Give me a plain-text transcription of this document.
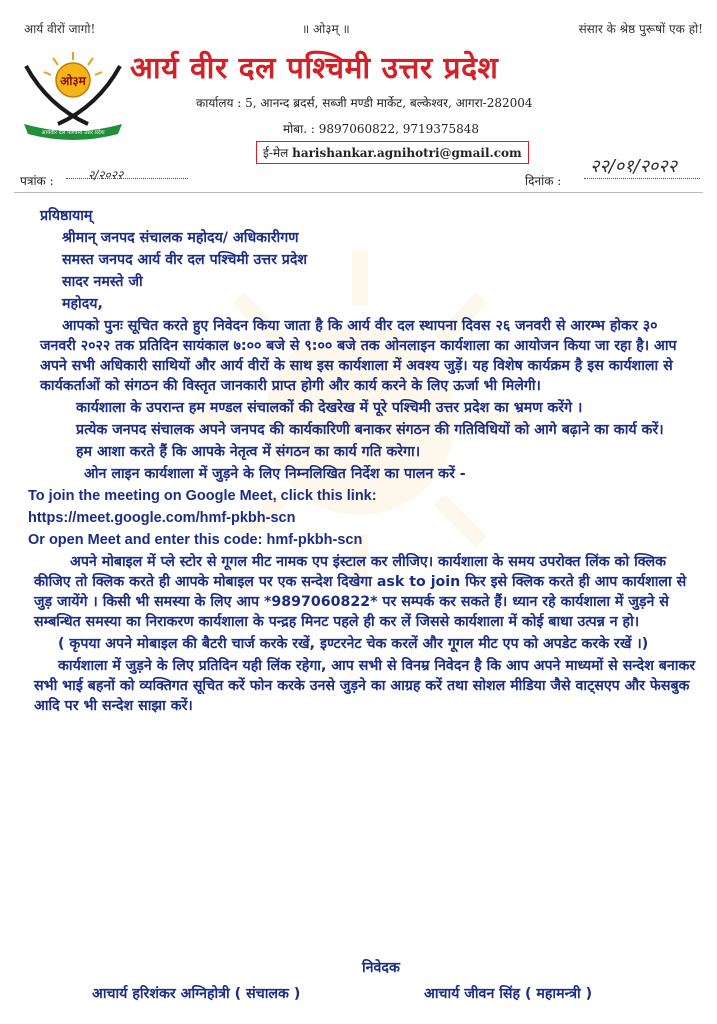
आर्य वीरों जागो!	॥ ओ३म् ॥	संसार के श्रेष्ठ पुरूषों एक हो!
ओ३म
आर्यवीर दल पश्चिमी उत्तर प्रदेश
आर्य वीर दल पश्चिमी उत्तर प्रदेश
कार्यालय : 5, आनन्द ब्रदर्स, सब्जी मण्डी मार्केट, बल्केश्वर, आगरा-282004
मोबा. : 9897060822, 9719375848
ई-मेल harishankar.agnihotri@gmail.com
पत्रांक :	२/२०२२	दिनांक :
२२/०१/२०२२

प्रयिष्ठायाम्

श्रीमान् जनपद संचालक महोदय/ अधिकारीगण

समस्त जनपद आर्य वीर दल पश्चिमी उत्तर प्रदेश

सादर नमस्ते जी

महोदय,

आपको पुनः सूचित करते हुए निवेदन किया जाता है कि आर्य वीर दल स्थापना दिवस २६ जनवरी से आरम्भ होकर ३० जनवरी २०२२ तक प्रतिदिन सायंकाल ७:०० बजे से ९:०० बजे तक ओनलाइन कार्यशाला का आयोजन किया जा रहा है। आप अपने सभी अधिकारी साथियों और आर्य वीरों के साथ इस कार्यशाला में अवश्य जुड़ें। यह विशेष कार्यक्रम है इस कार्यशाला से कार्यकर्ताओं को संगठन की विस्तृत जानकारी प्राप्त होगी और कार्य करने के लिए ऊर्जा भी मिलेगी।

कार्यशाला के उपरान्त हम मण्डल संचालकों की देखरेख में पूरे पश्चिमी उत्तर प्रदेश का भ्रमण करेंगे ।

प्रत्येक जनपद संचालक अपने जनपद की कार्यकारिणी बनाकर संगठन की गतिविधियों को आगे बढ़ाने का कार्य करें।

हम आशा करते हैं कि आपके नेतृत्व में संगठन का कार्य गति करेगा।

ओन लाइन कार्यशाला में जुड़ने के लिए निम्नलिखित निर्देश का पालन करें -

To join the meeting on Google Meet, click this link:

https://meet.google.com/hmf-pkbh-scn

Or open Meet and enter this code: hmf-pkbh-scn

अपने मोबाइल में प्ले स्टोर से गूगल मीट नामक एप इंस्टाल कर लीजिए। कार्यशाला के समय उपरोक्त लिंक को क्लिक कीजिए तो क्लिक करते ही आपके मोबाइल पर एक सन्देश दिखेगा ask to join फिर इसे क्लिक करते ही आप कार्यशाला से जुड़ जायेंगे । किसी भी समस्या के लिए आप *9897060822* पर सम्पर्क कर सकते हैं। ध्यान रहे कार्यशाला में जुड़ने से सम्बन्धित समस्या का निराकरण कार्यशाला के पन्द्रह मिनट पहले ही कर लें जिससे कार्यशाला में कोई बाधा उत्पन्न न हो।

( कृपया अपने मोबाइल की बैटरी चार्ज करके रखें, इण्टरनेट चेक करलें और गूगल मीट एप को अपडेट करके रखें ।)

कार्यशाला में जुड़ने के लिए प्रतिदिन यही लिंक रहेगा, आप सभी से विनम्र निवेदन है कि आप अपने माध्यमों से सन्देश बनाकर सभी भाई बहनों को व्यक्तिगत सूचित करें फोन करके उनसे जुड़ने का आग्रह करें तथा सोशल मीडिया जैसे वाट्सएप और फेसबुक आदि पर भी सन्देश साझा करें।

निवेदक
आचार्य हरिशंकर अग्निहोत्री ( संचालक )	आचार्य जीवन सिंह ( महामन्त्री )
